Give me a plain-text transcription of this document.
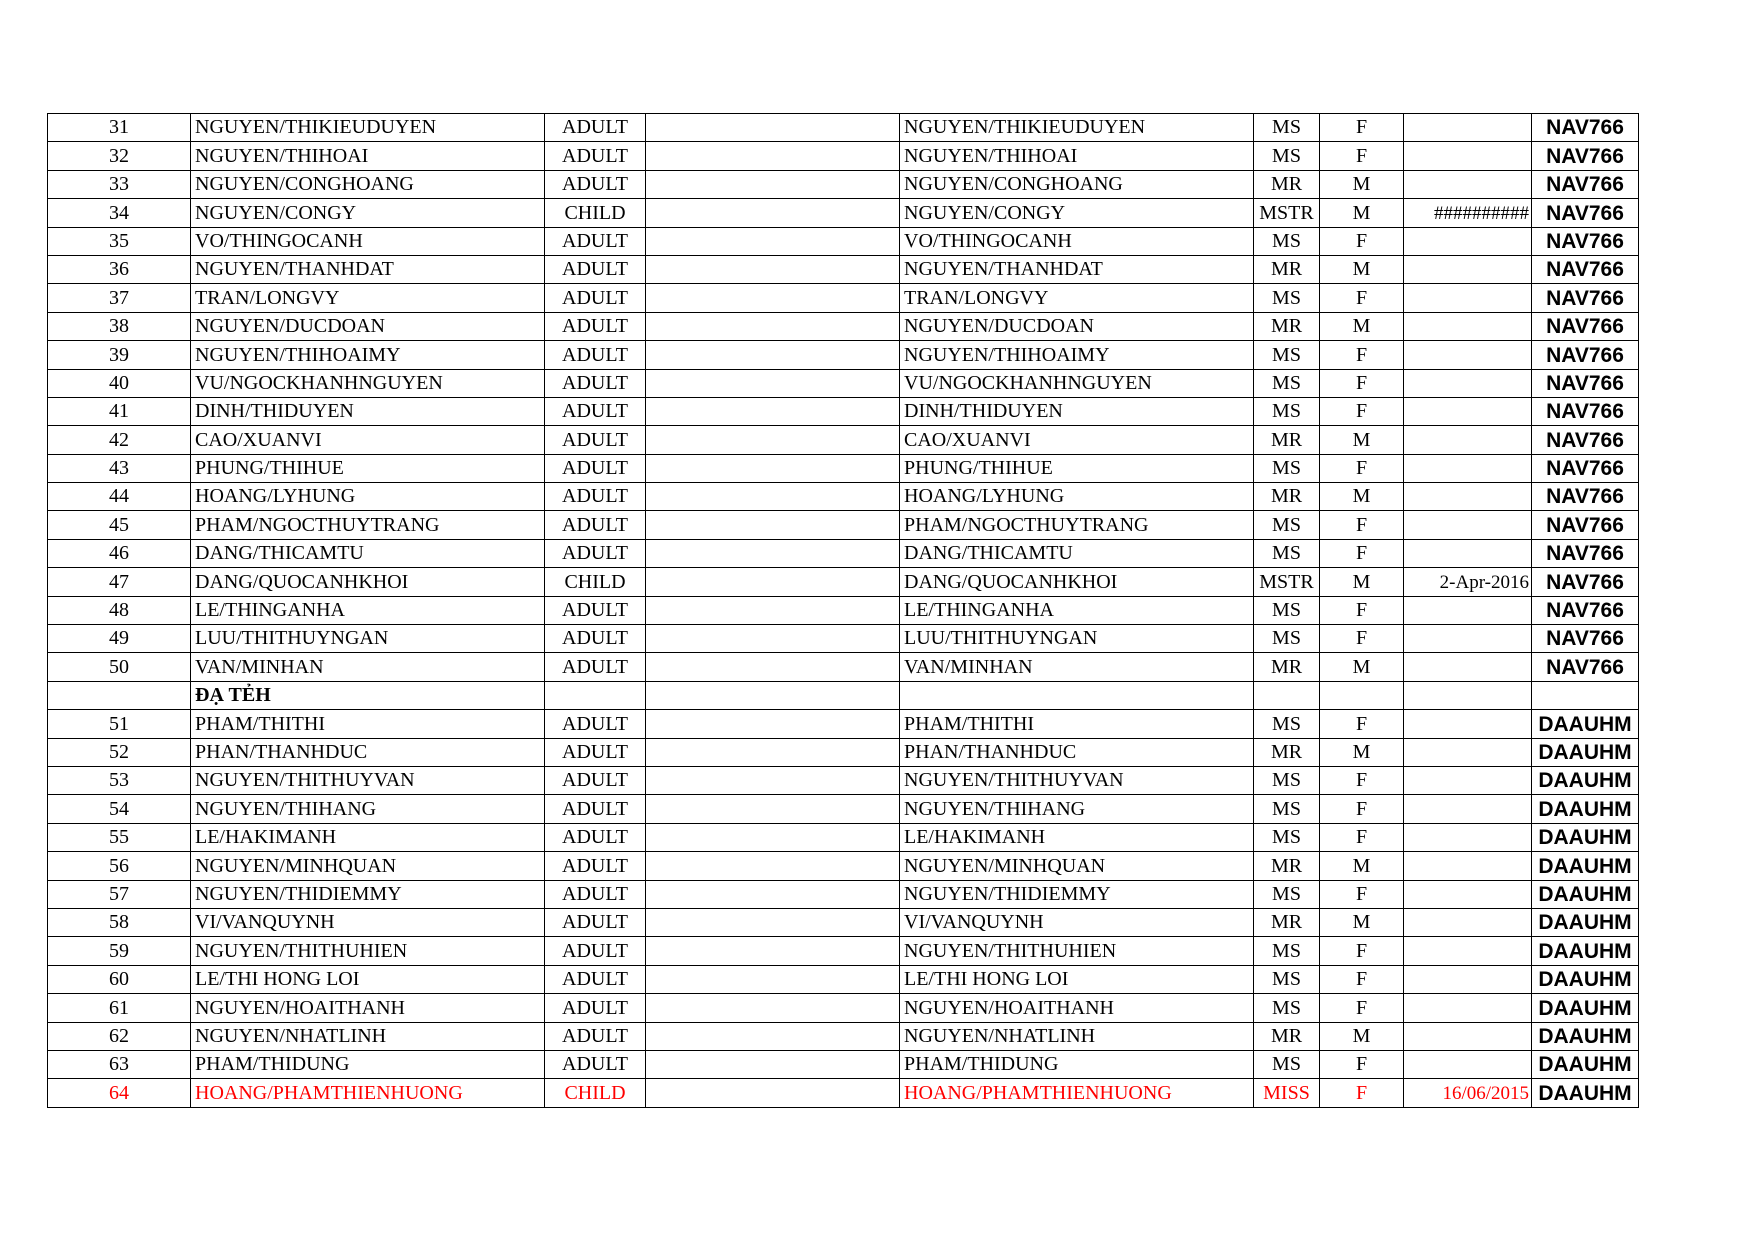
31	NGUYEN/THIKIEUDUYEN	ADULT		NGUYEN/THIKIEUDUYEN	MS	F		NAV766
32	NGUYEN/THIHOAI	ADULT		NGUYEN/THIHOAI	MS	F		NAV766
33	NGUYEN/CONGHOANG	ADULT		NGUYEN/CONGHOANG	MR	M		NAV766
34	NGUYEN/CONGY	CHILD		NGUYEN/CONGY	MSTR	M	##########	NAV766
35	VO/THINGOCANH	ADULT		VO/THINGOCANH	MS	F		NAV766
36	NGUYEN/THANHDAT	ADULT		NGUYEN/THANHDAT	MR	M		NAV766
37	TRAN/LONGVY	ADULT		TRAN/LONGVY	MS	F		NAV766
38	NGUYEN/DUCDOAN	ADULT		NGUYEN/DUCDOAN	MR	M		NAV766
39	NGUYEN/THIHOAIMY	ADULT		NGUYEN/THIHOAIMY	MS	F		NAV766
40	VU/NGOCKHANHNGUYEN	ADULT		VU/NGOCKHANHNGUYEN	MS	F		NAV766
41	DINH/THIDUYEN	ADULT		DINH/THIDUYEN	MS	F		NAV766
42	CAO/XUANVI	ADULT		CAO/XUANVI	MR	M		NAV766
43	PHUNG/THIHUE	ADULT		PHUNG/THIHUE	MS	F		NAV766
44	HOANG/LYHUNG	ADULT		HOANG/LYHUNG	MR	M		NAV766
45	PHAM/NGOCTHUYTRANG	ADULT		PHAM/NGOCTHUYTRANG	MS	F		NAV766
46	DANG/THICAMTU	ADULT		DANG/THICAMTU	MS	F		NAV766
47	DANG/QUOCANHKHOI	CHILD		DANG/QUOCANHKHOI	MSTR	M	2-Apr-2016	NAV766
48	LE/THINGANHA	ADULT		LE/THINGANHA	MS	F		NAV766
49	LUU/THITHUYNGAN	ADULT		LUU/THITHUYNGAN	MS	F		NAV766
50	VAN/MINHAN	ADULT		VAN/MINHAN	MR	M		NAV766
	ĐẠ TẺH							
51	PHAM/THITHI	ADULT		PHAM/THITHI	MS	F		DAAUHM
52	PHAN/THANHDUC	ADULT		PHAN/THANHDUC	MR	M		DAAUHM
53	NGUYEN/THITHUYVAN	ADULT		NGUYEN/THITHUYVAN	MS	F		DAAUHM
54	NGUYEN/THIHANG	ADULT		NGUYEN/THIHANG	MS	F		DAAUHM
55	LE/HAKIMANH	ADULT		LE/HAKIMANH	MS	F		DAAUHM
56	NGUYEN/MINHQUAN	ADULT		NGUYEN/MINHQUAN	MR	M		DAAUHM
57	NGUYEN/THIDIEMMY	ADULT		NGUYEN/THIDIEMMY	MS	F		DAAUHM
58	VI/VANQUYNH	ADULT		VI/VANQUYNH	MR	M		DAAUHM
59	NGUYEN/THITHUHIEN	ADULT		NGUYEN/THITHUHIEN	MS	F		DAAUHM
60	LE/THI HONG LOI	ADULT		LE/THI HONG LOI	MS	F		DAAUHM
61	NGUYEN/HOAITHANH	ADULT		NGUYEN/HOAITHANH	MS	F		DAAUHM
62	NGUYEN/NHATLINH	ADULT		NGUYEN/NHATLINH	MR	M		DAAUHM
63	PHAM/THIDUNG	ADULT		PHAM/THIDUNG	MS	F		DAAUHM
64	HOANG/PHAMTHIENHUONG	CHILD		HOANG/PHAMTHIENHUONG	MISS	F	16/06/2015	DAAUHM
